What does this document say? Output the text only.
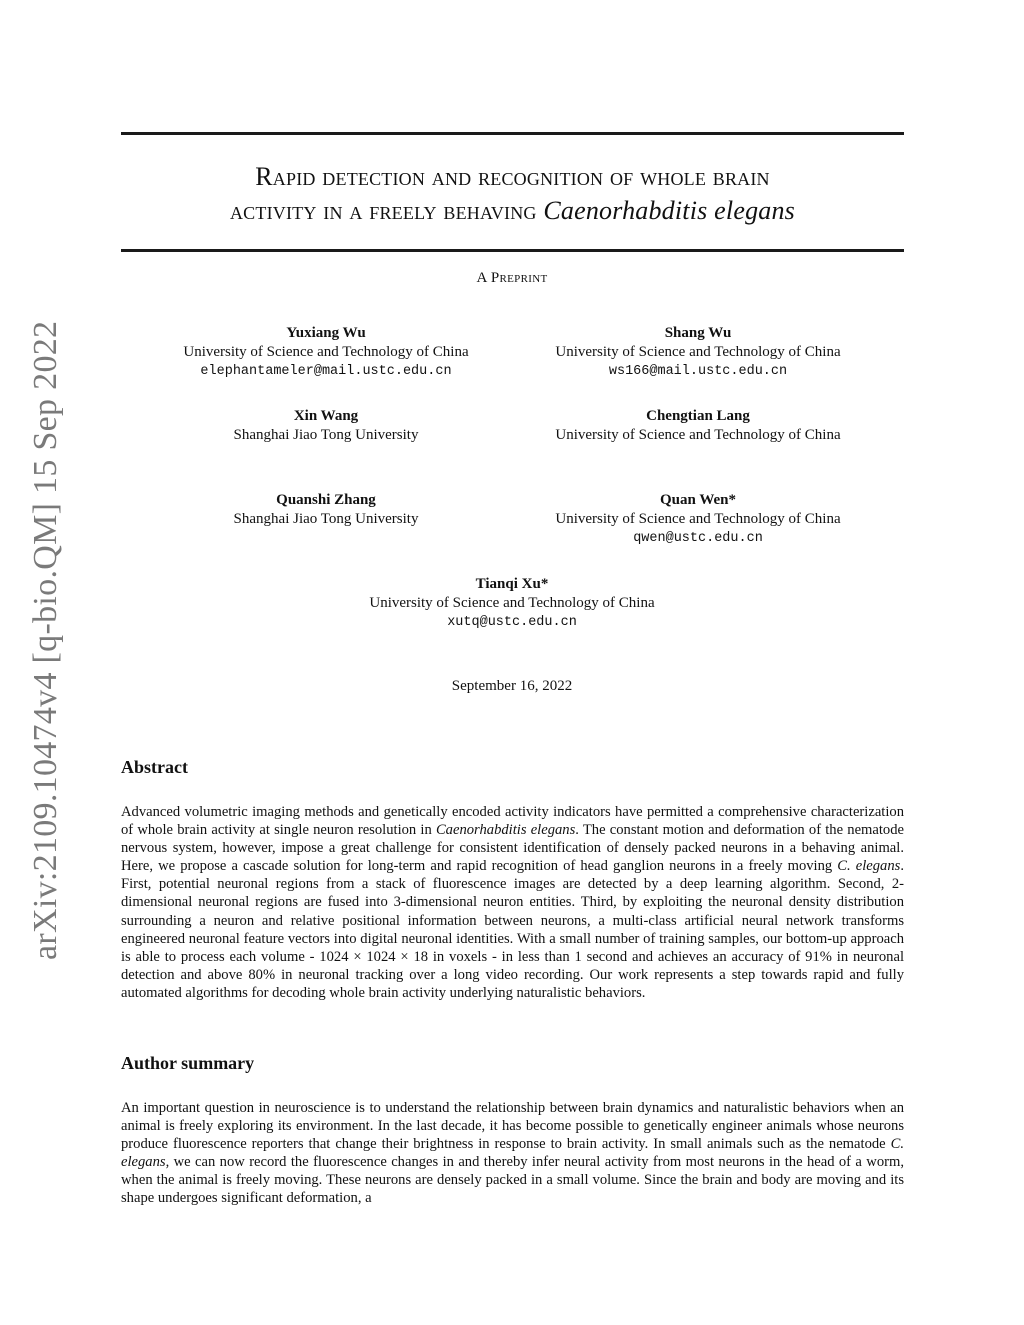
arXiv:2109.10474v4 [q-bio.QM] 15 Sep 2022
Rapid detection and recognition of whole brain
activity in a freely behaving Caenorhabditis elegans
A Preprint
Yuxiang Wu
University of Science and Technology of China
elephantameler@mail.ustc.edu.cn
Shang Wu
University of Science and Technology of China
ws166@mail.ustc.edu.cn
Xin Wang
Shanghai Jiao Tong University
Chengtian Lang
University of Science and Technology of China
Quanshi Zhang
Shanghai Jiao Tong University
Quan Wen*
University of Science and Technology of China
qwen@ustc.edu.cn
Tianqi Xu*
University of Science and Technology of China
xutq@ustc.edu.cn
September 16, 2022
Abstract
Advanced volumetric imaging methods and genetically encoded activity indicators have permitted a comprehensive characterization of whole brain activity at single neuron resolution in Caenorhabditis elegans. The constant motion and deformation of the nematode nervous system, however, impose a great challenge for consistent identification of densely packed neurons in a behaving animal. Here, we propose a cascade solution for long-term and rapid recognition of head ganglion neurons in a freely moving C. elegans. First, potential neuronal regions from a stack of fluorescence images are detected by a deep learning algorithm. Second, 2-dimensional neuronal regions are fused into 3-dimensional neuron entities. Third, by exploiting the neuronal density distribution surrounding a neuron and relative positional information between neurons, a multi-class artificial neural network transforms engineered neuronal feature vectors into digital neuronal identities. With a small number of training samples, our bottom-up approach is able to process each volume - 1024 × 1024 × 18 in voxels - in less than 1 second and achieves an accuracy of 91% in neuronal detection and above 80% in neuronal tracking over a long video recording. Our work represents a step towards rapid and fully automated algorithms for decoding whole brain activity underlying naturalistic behaviors.
Author summary
An important question in neuroscience is to understand the relationship between brain dynamics and naturalistic behaviors when an animal is freely exploring its environment. In the last decade, it has become possible to genetically engineer animals whose neurons produce fluorescence reporters that change their brightness in response to brain activity. In small animals such as the nematode C. elegans, we can now record the fluorescence changes in and thereby infer neural activity from most neurons in the head of a worm, when the animal is freely moving. These neurons are densely packed in a small volume. Since the brain and body are moving and its shape undergoes significant deformation, a
